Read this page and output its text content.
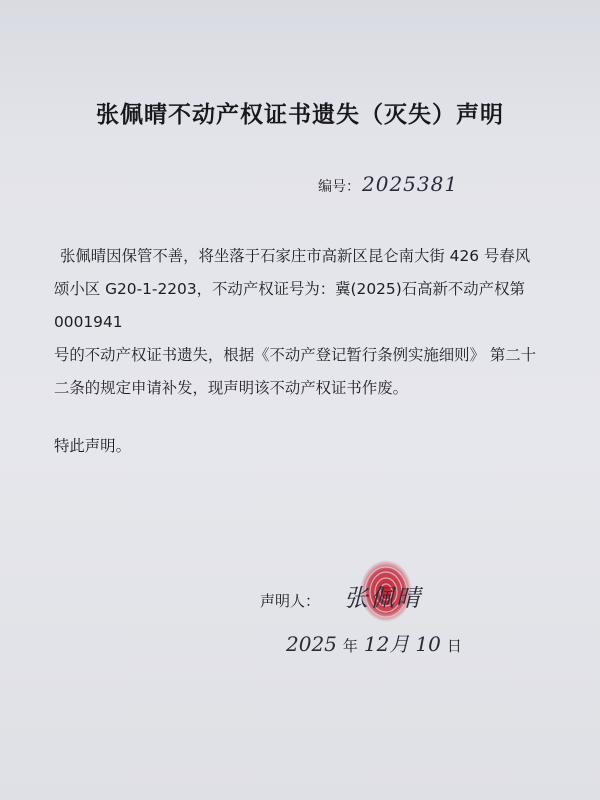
张佩晴不动产权证书遗失（灭失）声明
编号： 2025381

张佩晴因保管不善，将坐落于石家庄市高新区昆仑南大街 426 号春风

颂小区 G20-1-2203，不动产权证号为：冀(2025)石高新不动产权第 0001941

号的不动产权证书遗失，根据《不动产登记暂行条例实施细则》 第二十

二条的规定申请补发，现声明该不动产权证书作废。

特此声明。
声明人： 张佩晴
2025 年 12月 10 日
